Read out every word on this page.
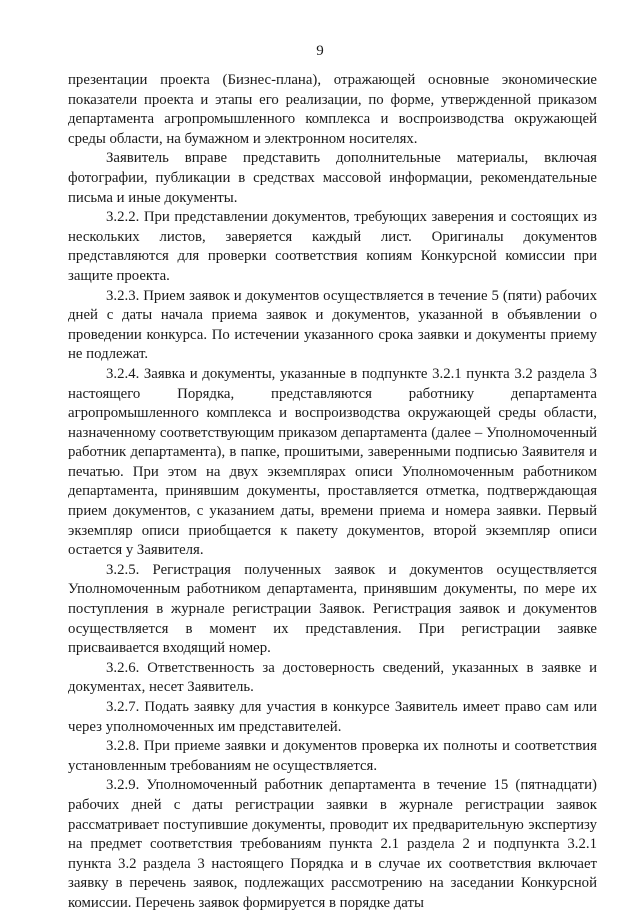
9

презентации проекта (Бизнес-плана), отражающей основные экономические показатели проекта и этапы его реализации, по форме, утвержденной приказом департамента агропромышленного комплекса и воспроизводства окружающей среды области, на бумажном и электронном носителях.

Заявитель вправе представить дополнительные материалы, включая фотографии, публикации в средствах массовой информации, рекомендательные письма и иные документы.

3.2.2. При представлении документов, требующих заверения и состоящих из нескольких листов, заверяется каждый лист. Оригиналы документов представляются для проверки соответствия копиям Конкурсной комиссии при защите проекта.

3.2.3. Прием заявок и документов осуществляется в течение 5 (пяти) рабочих дней с даты начала приема заявок и документов, указанной в объявлении о проведении конкурса. По истечении указанного срока заявки и документы приему не подлежат.

3.2.4. Заявка и документы, указанные в подпункте 3.2.1 пункта 3.2 раздела 3 настоящего Порядка, представляются работнику департамента агропромышленного комплекса и воспроизводства окружающей среды области, назначенному соответствующим приказом департамента (далее – Уполномоченный работник департамента), в папке, прошитыми, заверенными подписью Заявителя и печатью. При этом на двух экземплярах описи Уполномоченным работником департамента, принявшим документы, проставляется отметка, подтверждающая прием документов, с указанием даты, времени приема и номера заявки. Первый экземпляр описи приобщается к пакету документов, второй экземпляр описи остается у Заявителя.

3.2.5. Регистрация полученных заявок и документов осуществляется Уполномоченным работником департамента, принявшим документы, по мере их поступления в журнале регистрации Заявок. Регистрация заявок и документов осуществляется в момент их представления. При регистрации заявке присваивается входящий номер.

3.2.6. Ответственность за достоверность сведений, указанных в заявке и документах, несет Заявитель.

3.2.7. Подать заявку для участия в конкурсе Заявитель имеет право сам или через уполномоченных им представителей.

3.2.8. При приеме заявки и документов проверка их полноты и соответствия установленным требованиям не осуществляется.

3.2.9. Уполномоченный работник департамента в течение 15 (пятнадцати) рабочих дней с даты регистрации заявки в журнале регистрации заявок рассматривает поступившие документы, проводит их предварительную экспертизу на предмет соответствия требованиям пункта 2.1 раздела 2 и подпункта 3.2.1 пункта 3.2 раздела 3 настоящего Порядка и в случае их соответствия включает заявку в перечень заявок, подлежащих рассмотрению на заседании Конкурсной комиссии. Перечень заявок формируется в порядке даты
